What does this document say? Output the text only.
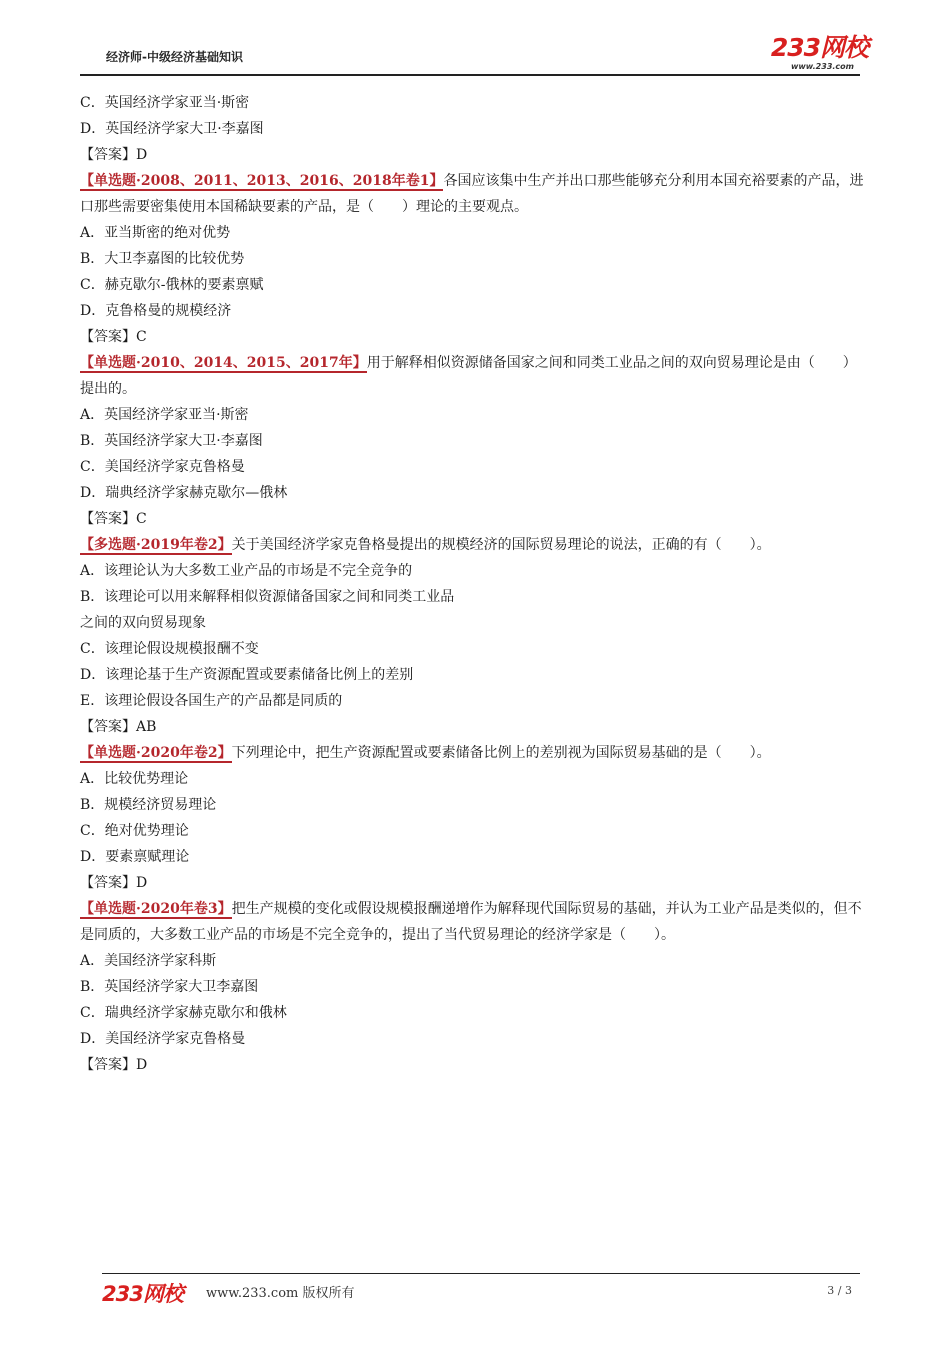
经济师-中级经济基础知识	233网校
www.233.com
C．英国经济学家亚当·斯密
D．英国经济学家大卫·李嘉图
【答案】D
【单选题·2008、2011、2013、2016、2018年卷1】各国应该集中生产并出口那些能够充分利用本国充裕要素的产品，进口那些需要密集使用本国稀缺要素的产品，是（　　）理论的主要观点。
A．亚当斯密的绝对优势
B．大卫李嘉图的比较优势
C．赫克歇尔-俄林的要素禀赋
D．克鲁格曼的规模经济
【答案】C
【单选题·2010、2014、2015、2017年】用于解释相似资源储备国家之间和同类工业品之间的双向贸易理论是由（　　）提出的。
A．英国经济学家亚当·斯密
B．英国经济学家大卫·李嘉图
C．美国经济学家克鲁格曼
D．瑞典经济学家赫克歇尔—俄林
【答案】C
【多选题·2019年卷2】关于美国经济学家克鲁格曼提出的规模经济的国际贸易理论的说法，正确的有（　　）。
A．该理论认为大多数工业产品的市场是不完全竞争的
B．该理论可以用来解释相似资源储备国家之间和同类工业品
之间的双向贸易现象
C．该理论假设规模报酬不变
D．该理论基于生产资源配置或要素储备比例上的差别
E．该理论假设各国生产的产品都是同质的
【答案】AB
【单选题·2020年卷2】下列理论中，把生产资源配置或要素储备比例上的差别视为国际贸易基础的是（　　）。
A．比较优势理论
B．规模经济贸易理论
C．绝对优势理论
D．要素禀赋理论
【答案】D
【单选题·2020年卷3】把生产规模的变化或假设规模报酬递增作为解释现代国际贸易的基础，并认为工业产品是类似的，但不是同质的，大多数工业产品的市场是不完全竞争的，提出了当代贸易理论的经济学家是（　　）。
A．美国经济学家科斯
B．英国经济学家大卫李嘉图
C．瑞典经济学家赫克歇尔和俄林
D．美国经济学家克鲁格曼
【答案】D
233网校 www.233.com 版权所有	3 / 3
